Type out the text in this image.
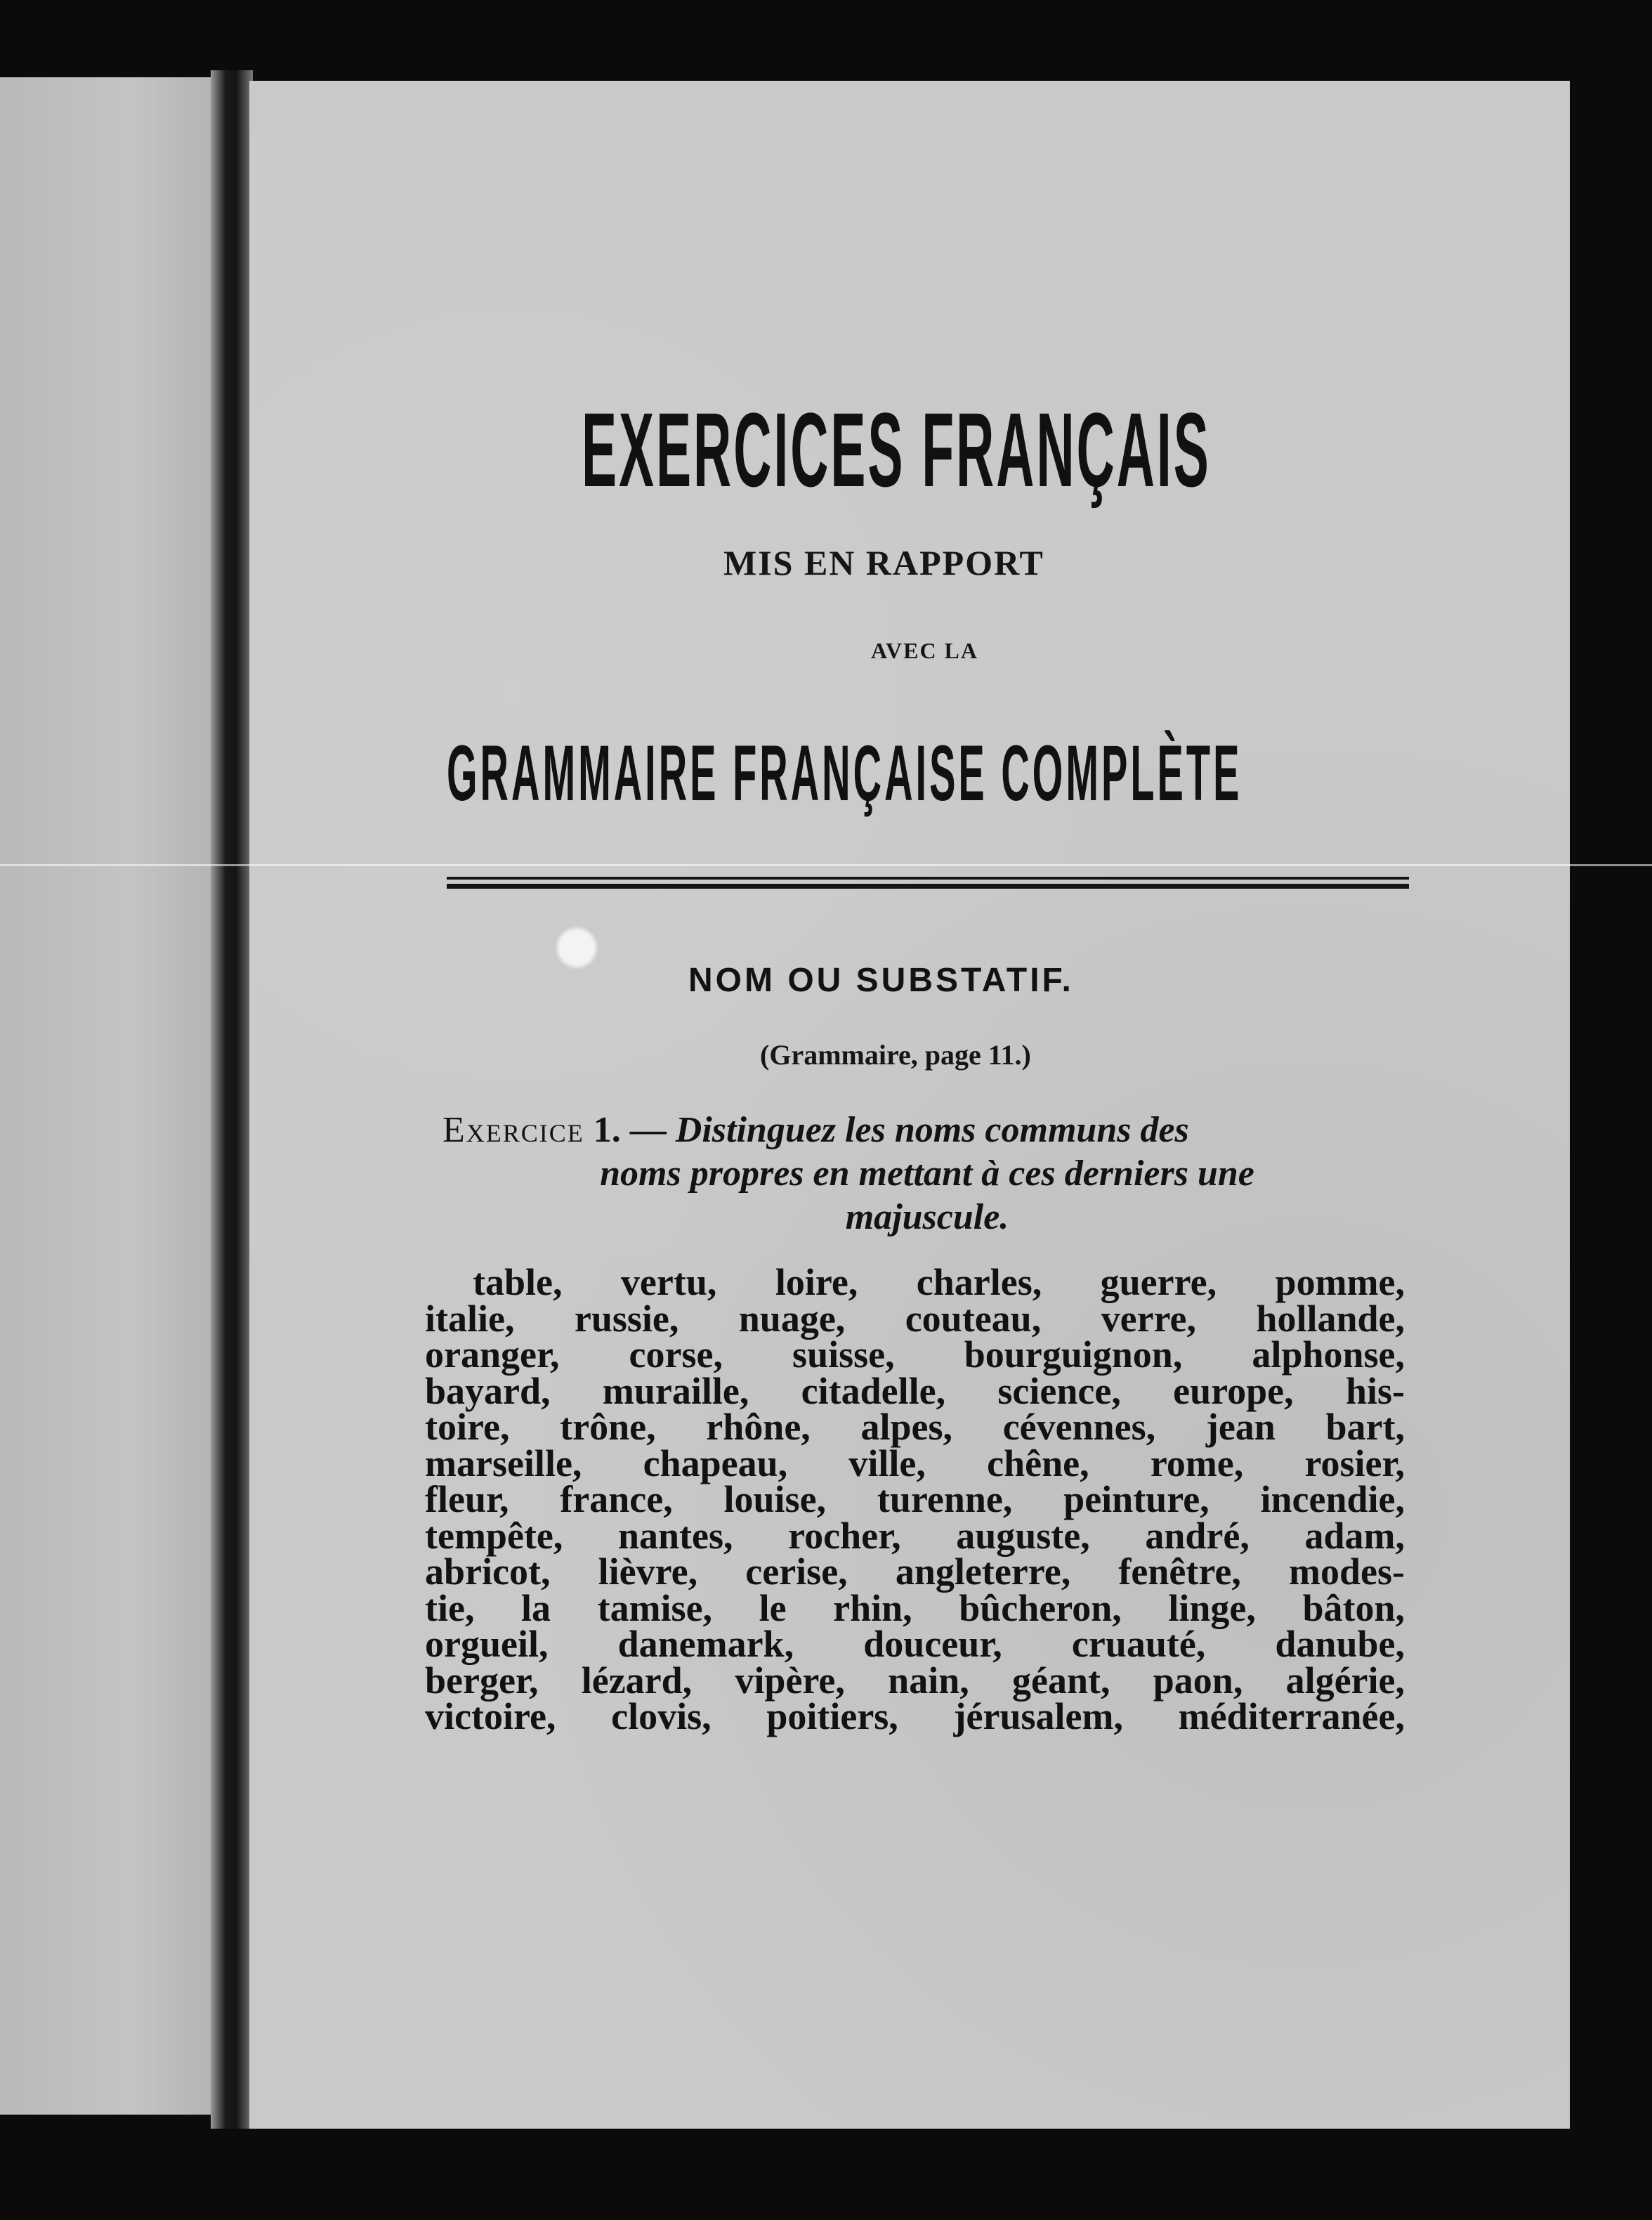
EXERCICES FRANÇAIS
MIS EN RAPPORT
AVEC LA
GRAMMAIRE FRANÇAISE COMPLÈTE
NOM OU SUBSTATIF.
(Grammaire, page 11.)
Exercice 1. — Distinguez les noms communs des
noms propres en mettant à ces derniers une
majuscule.
table, vertu, loire, charles, guerre, pomme,
italie, russie, nuage, couteau, verre, hollande,
oranger, corse, suisse, bourguignon, alphonse,
bayard, muraille, citadelle, science, europe, his-
toire, trône, rhône, alpes, cévennes, jean bart,
marseille, chapeau, ville, chêne, rome, rosier,
fleur, france, louise, turenne, peinture, incendie,
tempête, nantes, rocher, auguste, andré, adam,
abricot, lièvre, cerise, angleterre, fenêtre, modes-
tie, la tamise, le rhin, bûcheron, linge, bâton,
orgueil, danemark, douceur, cruauté, danube,
berger, lézard, vipère, nain, géant, paon, algérie,
victoire, clovis, poitiers, jérusalem, méditerranée,
